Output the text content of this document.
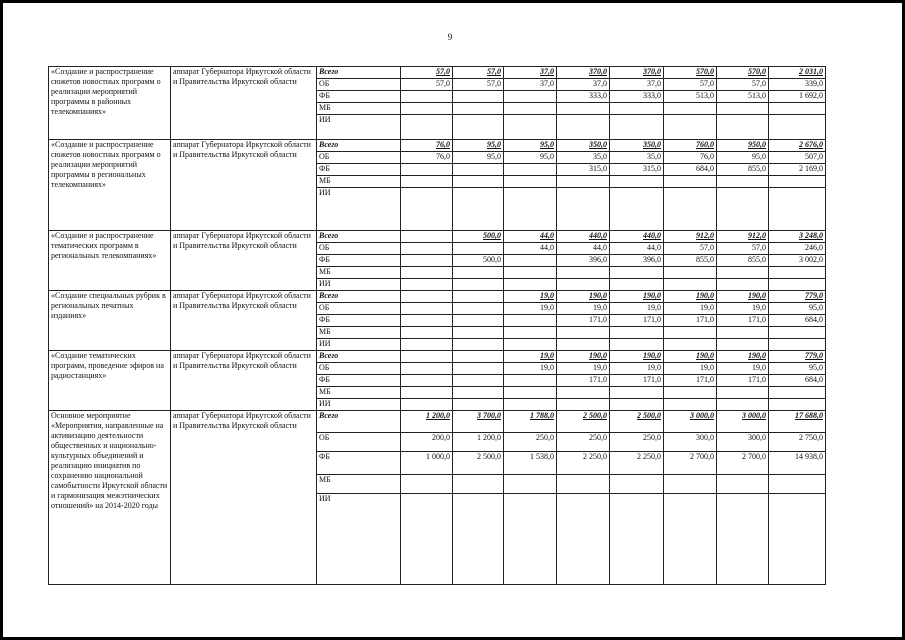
9
«Создание и распространение сюжетов новостных программ о реализации мероприятий программы в районных телекомпаниях»	аппарат Губернатора Иркутской области и Правительства Иркутской области	Всего	57,0	57,0	37,0	370,0	370,0	570,0	570,0	2 031,0
		ОБ	57,0	57,0	37,0	37,0	37,0	57,0	57,0	339,0
		ФБ				333,0	333,0	513,0	513,0	1 692,0
		МБ								
		ИИ								
«Создание и распространение сюжетов новостных программ о реализации мероприятий программы в региональных телекомпаниях»	аппарат Губернатора Иркутской области и Правительства Иркутской области	Всего	76,0	95,0	95,0	350,0	350,0	760,0	950,0	2 676,0
		ОБ	76,0	95,0	95,0	35,0	35,0	76,0	95,0	507,0
		ФБ				315,0	315,0	684,0	855,0	2 169,0
		МБ								
		ИИ								
«Создание и распространение тематических программ в региональных телекомпаниях»	аппарат Губернатора Иркутской области и Правительства Иркутской области	Всего		500,0	44,0	440,0	440,0	912,0	912,0	3 248,0
		ОБ			44,0	44,0	44,0	57,0	57,0	246,0
		ФБ		500,0		396,0	396,0	855,0	855,0	3 002,0
		МБ								
		ИИ								
«Создание специальных рубрик в региональных печатных изданиях»	аппарат Губернатора Иркутской области и Правительства Иркутской области	Всего			19,0	190,0	190,0	190,0	190,0	779,0
		ОБ			19,0	19,0	19,0	19,0	19,0	95,0
		ФБ				171,0	171,0	171,0	171,0	684,0
		МБ								
		ИИ								
«Создание тематических программ, проведение эфиров на радиостанциях»	аппарат Губернатора Иркутской области и Правительства Иркутской области	Всего			19,0	190,0	190,0	190,0	190,0	779,0
		ОБ			19,0	19,0	19,0	19,0	19,0	95,0
		ФБ				171,0	171,0	171,0	171,0	684,0
		МБ								
		ИИ								
Основное мероприятие «Мероприятия, направленные на активизацию деятельности общественных и национально-культурных объединений и реализацию инициатив по сохранению национальной самобытности Иркутской области и гармонизация межэтнических отношений» на 2014-2020 годы	аппарат Губернатора Иркутской области и Правительства Иркутской области	Всего	1 200,0	3 700,0	1 788,0	2 500,0	2 500,0	3 000,0	3 000,0	17 688,0
		ОБ	200,0	1 200,0	250,0	250,0	250,0	300,0	300,0	2 750,0
		ФБ	1 000,0	2 500,0	1 538,0	2 250,0	2 250,0	2 700,0	2 700,0	14 938,0
		МБ								
		ИИ								
